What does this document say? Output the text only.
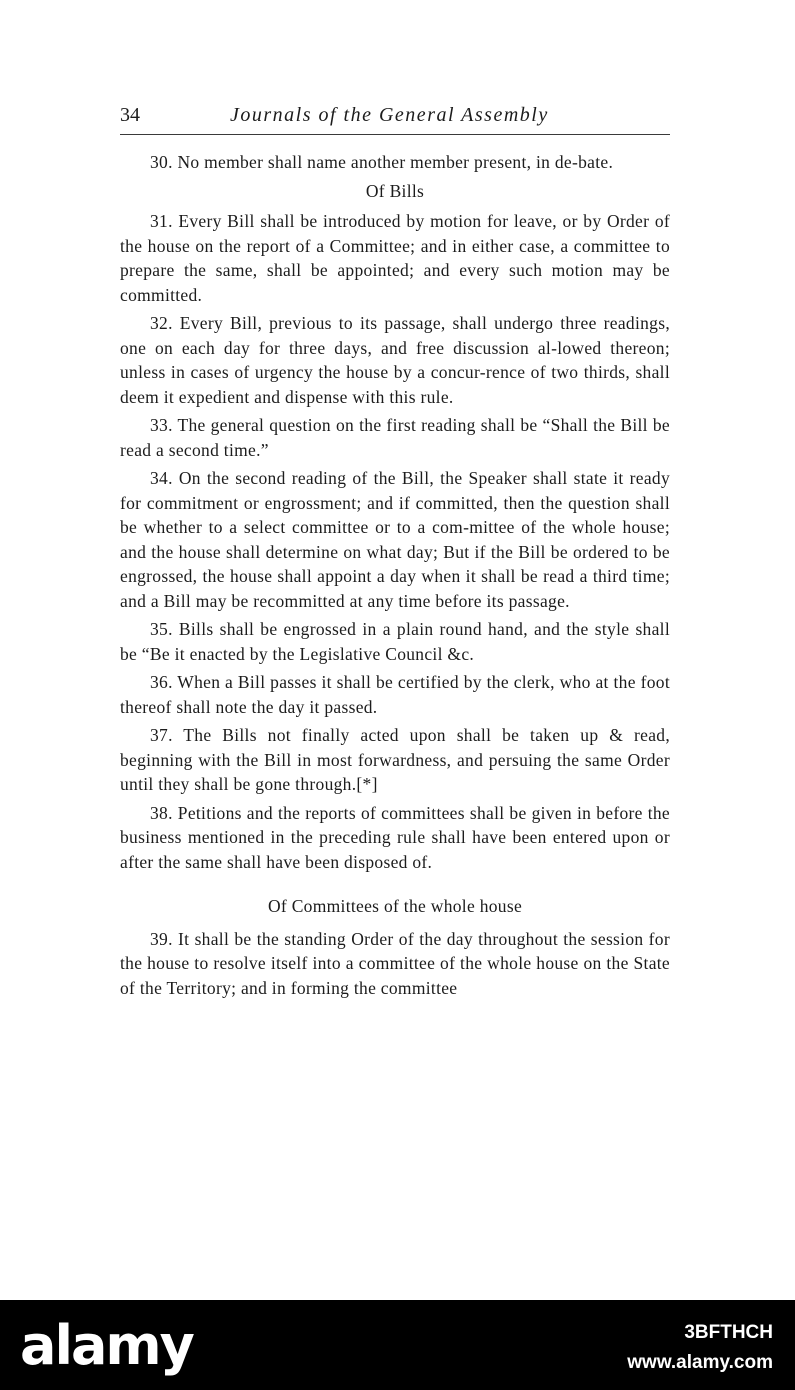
34	Journals of the General Assembly

30. No member shall name another member present, in de-bate.

Of Bills

31. Every Bill shall be introduced by motion for leave, or by Order of the house on the report of a Committee; and in either case, a committee to prepare the same, shall be appointed; and every such motion may be committed.

32. Every Bill, previous to its passage, shall undergo three readings, one on each day for three days, and free discussion al-lowed thereon; unless in cases of urgency the house by a concur-rence of two thirds, shall deem it expedient and dispense with this rule.

33. The general question on the first reading shall be “Shall the Bill be read a second time.”

34. On the second reading of the Bill, the Speaker shall state it ready for commitment or engrossment; and if committed, then the question shall be whether to a select committee or to a com-mittee of the whole house; and the house shall determine on what day; But if the Bill be ordered to be engrossed, the house shall appoint a day when it shall be read a third time; and a Bill may be recommitted at any time before its passage.

35. Bills shall be engrossed in a plain round hand, and the style shall be “Be it enacted by the Legislative Council &c.

36. When a Bill passes it shall be certified by the clerk, who at the foot thereof shall note the day it passed.

37. The Bills not finally acted upon shall be taken up & read, beginning with the Bill in most forwardness, and persuing the same Order until they shall be gone through.[*]

38. Petitions and the reports of committees shall be given in before the business mentioned in the preceding rule shall have been entered upon or after the same shall have been disposed of.

Of Committees of the whole house

39. It shall be the standing Order of the day throughout the session for the house to resolve itself into a committee of the whole house on the State of the Territory; and in forming the committee

alamy	3BFTHCH
www.alamy.com
